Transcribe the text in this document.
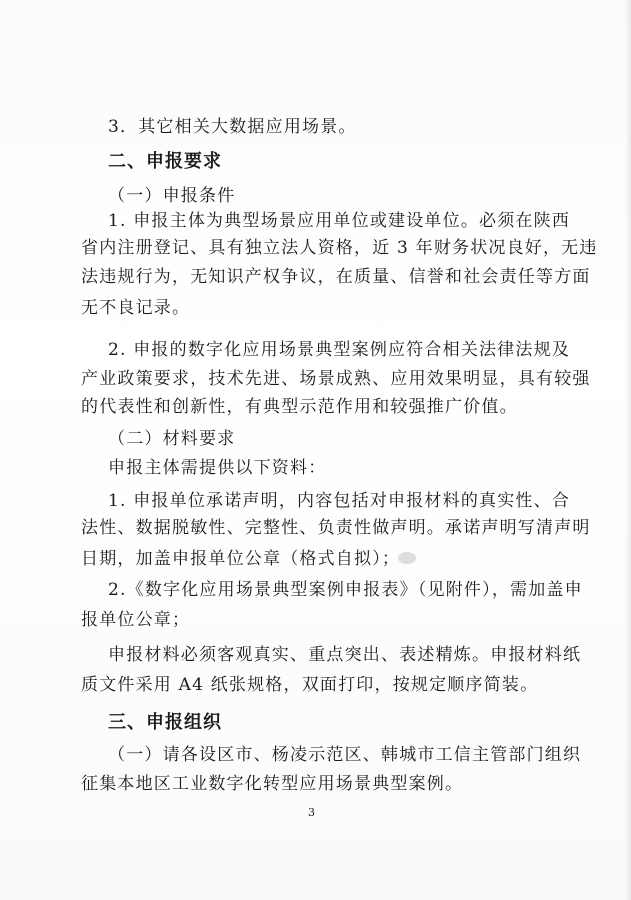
3．其它相关大数据应用场景。
二、申报要求
（一）申报条件
1. 申报主体为典型场景应用单位或建设单位。必须在陕西
省内注册登记、具有独立法人资格，近 3 年财务状况良好，无违
法违规行为，无知识产权争议，在质量、信誉和社会责任等方面
无不良记录。
2. 申报的数字化应用场景典型案例应符合相关法律法规及
产业政策要求，技术先进、场景成熟、应用效果明显，具有较强
的代表性和创新性，有典型示范作用和较强推广价值。
（二）材料要求
申报主体需提供以下资料：
1. 申报单位承诺声明，内容包括对申报材料的真实性、合
法性、数据脱敏性、完整性、负责性做声明。承诺声明写清声明
日期，加盖申报单位公章（格式自拟）；
2.《数字化应用场景典型案例申报表》（见附件），需加盖申
报单位公章；
申报材料必须客观真实、重点突出、表述精炼。申报材料纸
质文件采用 A4 纸张规格，双面打印，按规定顺序简装。
三、申报组织
（一）请各设区市、杨凌示范区、韩城市工信主管部门组织
征集本地区工业数字化转型应用场景典型案例。
3
